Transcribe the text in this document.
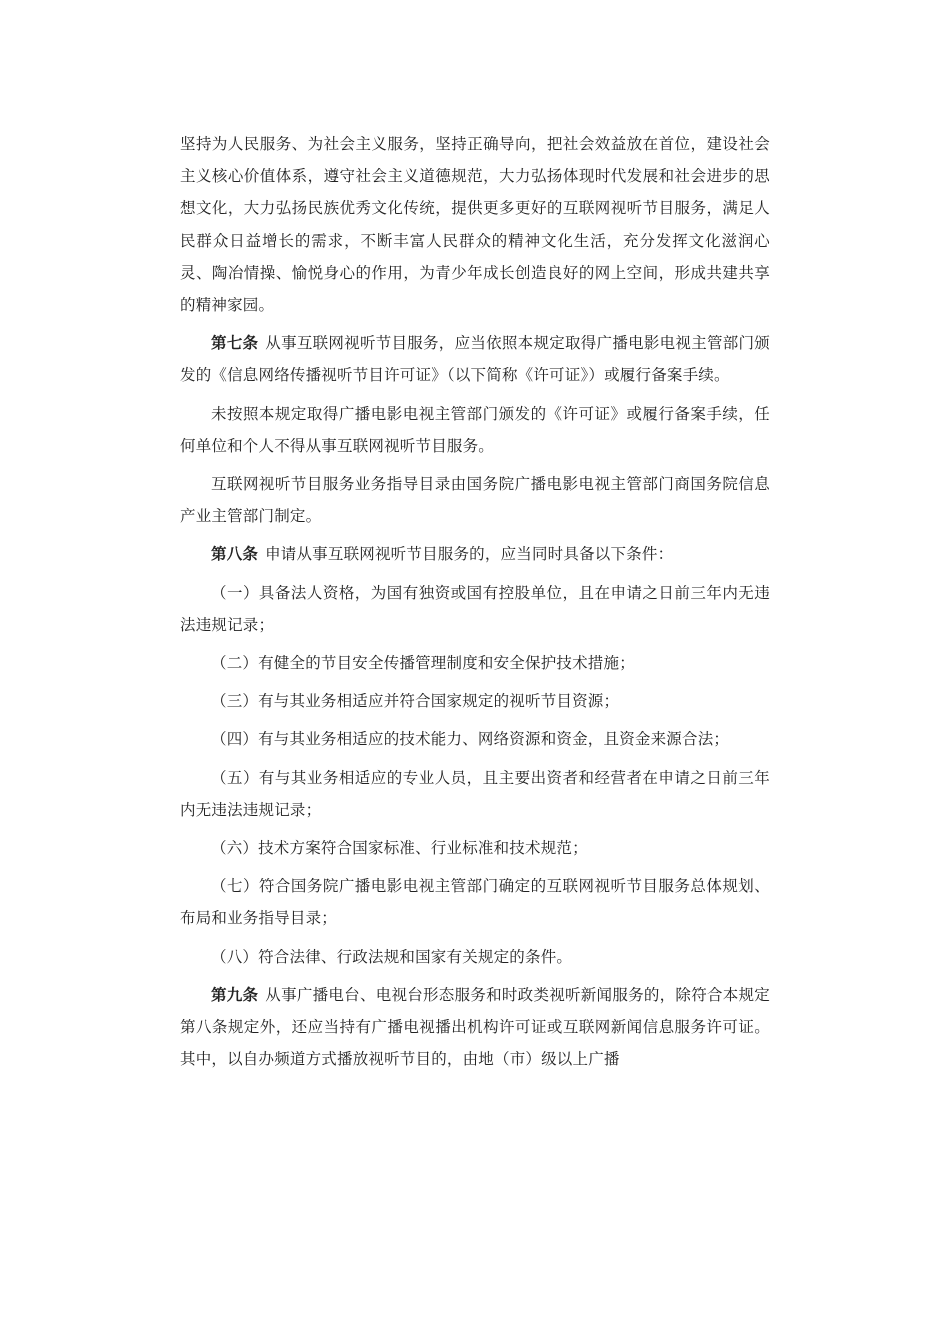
坚持为人民服务、为社会主义服务，坚持正确导向，把社会效益放在首位，建设社会主义核心价值体系，遵守社会主义道德规范，大力弘扬体现时代发展和社会进步的思想文化，大力弘扬民族优秀文化传统，提供更多更好的互联网视听节目服务，满足人民群众日益增长的需求，不断丰富人民群众的精神文化生活，充分发挥文化滋润心灵、陶冶情操、愉悦身心的作用，为青少年成长创造良好的网上空间，形成共建共享的精神家园。

第七条 从事互联网视听节目服务，应当依照本规定取得广播电影电视主管部门颁发的《信息网络传播视听节目许可证》（以下简称《许可证》）或履行备案手续。

未按照本规定取得广播电影电视主管部门颁发的《许可证》或履行备案手续，任何单位和个人不得从事互联网视听节目服务。

互联网视听节目服务业务指导目录由国务院广播电影电视主管部门商国务院信息产业主管部门制定。

第八条 申请从事互联网视听节目服务的，应当同时具备以下条件：

（一）具备法人资格，为国有独资或国有控股单位，且在申请之日前三年内无违法违规记录；

（二）有健全的节目安全传播管理制度和安全保护技术措施；

（三）有与其业务相适应并符合国家规定的视听节目资源；

（四）有与其业务相适应的技术能力、网络资源和资金，且资金来源合法；

（五）有与其业务相适应的专业人员，且主要出资者和经营者在申请之日前三年内无违法违规记录；

（六）技术方案符合国家标准、行业标准和技术规范；

（七）符合国务院广播电影电视主管部门确定的互联网视听节目服务总体规划、布局和业务指导目录；

（八）符合法律、行政法规和国家有关规定的条件。

第九条 从事广播电台、电视台形态服务和时政类视听新闻服务的，除符合本规定第八条规定外，还应当持有广播电视播出机构许可证或互联网新闻信息服务许可证。其中，以自办频道方式播放视听节目的，由地（市）级以上广播
